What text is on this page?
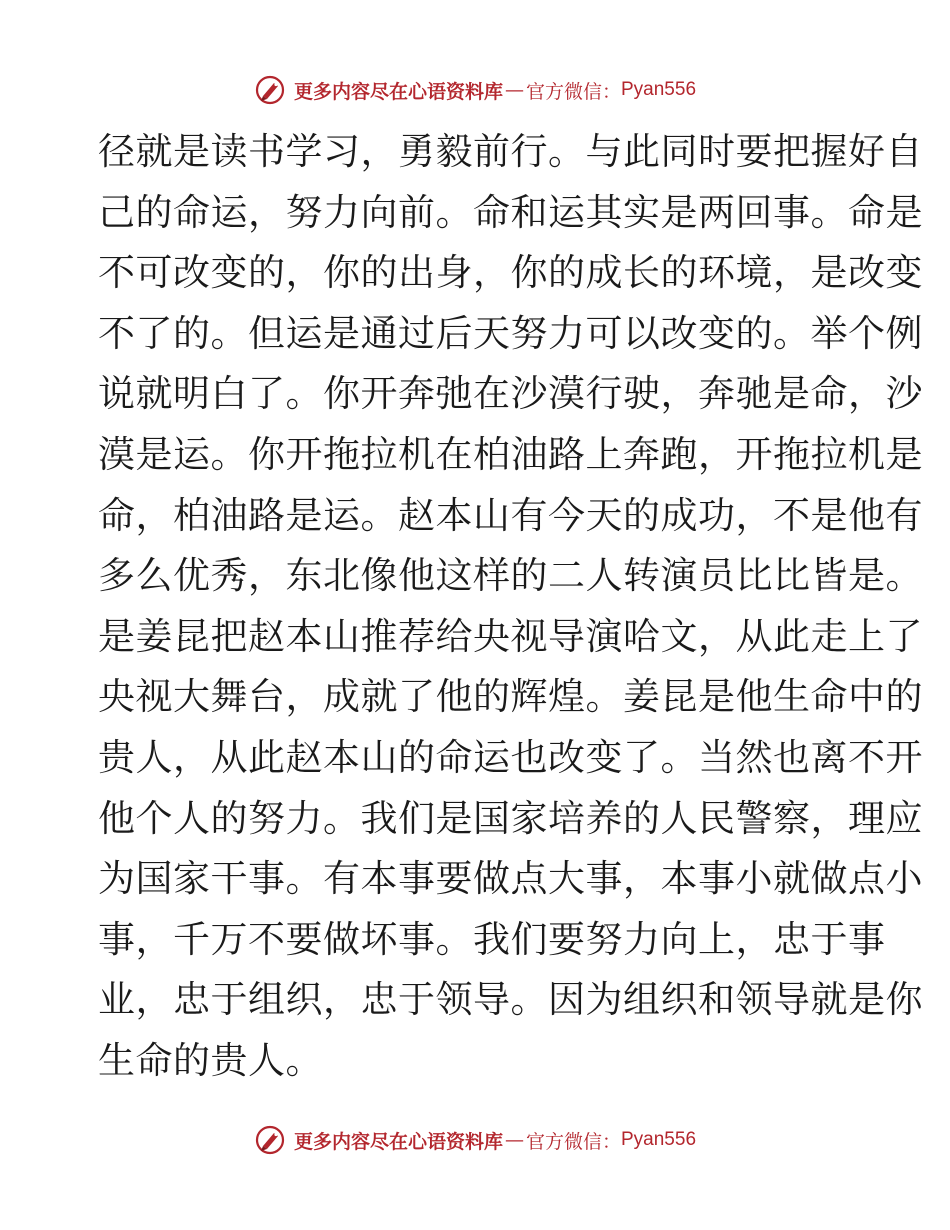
更多内容尽在心语资料库 — 官方微信： Pyan556
径就是读书学习，勇毅前行。与此同时要把握好自
己的命运，努力向前。命和运其实是两回事。命是
不可改变的，你的出身，你的成长的环境，是改变
不了的。但运是通过后天努力可以改变的。举个例
说就明白了。你开奔弛在沙漠行驶，奔驰是命，沙
漠是运。你开拖拉机在柏油路上奔跑，开拖拉机是
命，柏油路是运。赵本山有今天的成功，不是他有
多么优秀，东北像他这样的二人转演员比比皆是。
是姜昆把赵本山推荐给央视导演哈文，从此走上了
央视大舞台，成就了他的辉煌。姜昆是他生命中的
贵人，从此赵本山的命运也改变了。当然也离不开
他个人的努力。我们是国家培养的人民警察，理应
为国家干事。有本事要做点大事，本事小就做点小
事，千万不要做坏事。我们要努力向上，忠于事
业，忠于组织，忠于领导。因为组织和领导就是你
生命的贵人。
更多内容尽在心语资料库 — 官方微信： Pyan556
